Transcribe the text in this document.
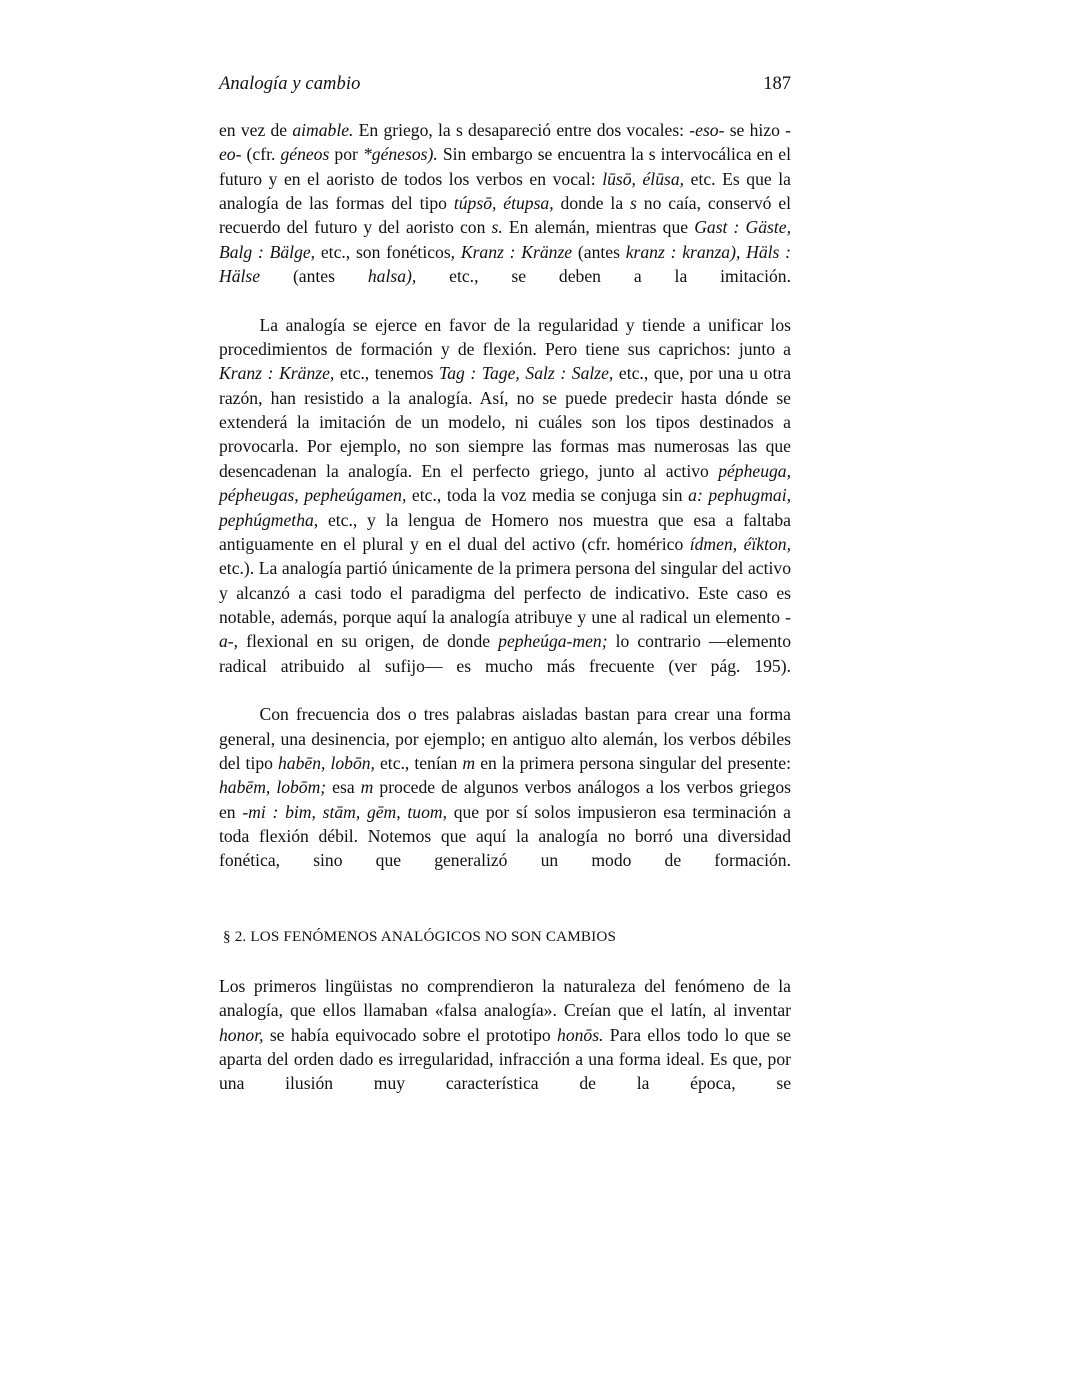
Analogía y cambio	187

en vez de aimable. En griego, la s desapareció entre dos vocales: -eso- se hizo -eo- (cfr. géneos por *génesos). Sin embargo se encuentra la s intervocálica en el futuro y en el aoristo de todos los verbos en vocal: lūsō, élūsa, etc. Es que la analogía de las formas del tipo túpsō, étupsa, donde la s no caía, conservó el recuerdo del futuro y del aoristo con s. En alemán, mientras que Gast : Gäste, Balg : Bälge, etc., son fonéticos, Kranz : Kränze (antes kranz : kranza), Häls : Hälse (antes halsa), etc., se deben a la imitación.

La analogía se ejerce en favor de la regularidad y tiende a unificar los procedimientos de formación y de flexión. Pero tiene sus caprichos: junto a Kranz : Kränze, etc., tenemos Tag : Tage, Salz : Salze, etc., que, por una u otra razón, han resistido a la analogía. Así, no se puede predecir hasta dónde se extenderá la imitación de un modelo, ni cuáles son los tipos destinados a provocarla. Por ejemplo, no son siempre las formas mas numerosas las que desencadenan la analogía. En el perfecto griego, junto al activo pépheuga, pépheugas, pepheúgamen, etc., toda la voz media se conjuga sin a: pephugmai, pephúgmetha, etc., y la lengua de Homero nos muestra que esa a faltaba antiguamente en el plural y en el dual del activo (cfr. homérico ídmen, éïkton, etc.). La analogía partió únicamente de la primera persona del singular del activo y alcanzó a casi todo el paradigma del perfecto de indicativo. Este caso es notable, además, porque aquí la analogía atribuye y une al radical un elemento -a-, flexional en su origen, de donde pepheúga-men; lo contrario —elemento radical atribuido al sufijo— es mucho más frecuente (ver pág. 195).

Con frecuencia dos o tres palabras aisladas bastan para crear una forma general, una desinencia, por ejemplo; en antiguo alto alemán, los verbos débiles del tipo habēn, lobōn, etc., tenían m en la primera persona singular del presente: habēm, lobōm; esa m procede de algunos verbos análogos a los verbos griegos en -mi : bim, stām, gēm, tuom, que por sí solos impusieron esa terminación a toda flexión débil. Notemos que aquí la analogía no borró una diversidad fonética, sino que generalizó un modo de formación.

§ 2. LOS FENÓMENOS ANALÓGICOS NO SON CAMBIOS

Los primeros lingüistas no comprendieron la naturaleza del fenómeno de la analogía, que ellos llamaban «falsa analogía». Creían que el latín, al inventar honor, se había equivocado sobre el prototipo honōs. Para ellos todo lo que se aparta del orden dado es irregularidad, infracción a una forma ideal. Es que, por una ilusión muy característica de la época, se
